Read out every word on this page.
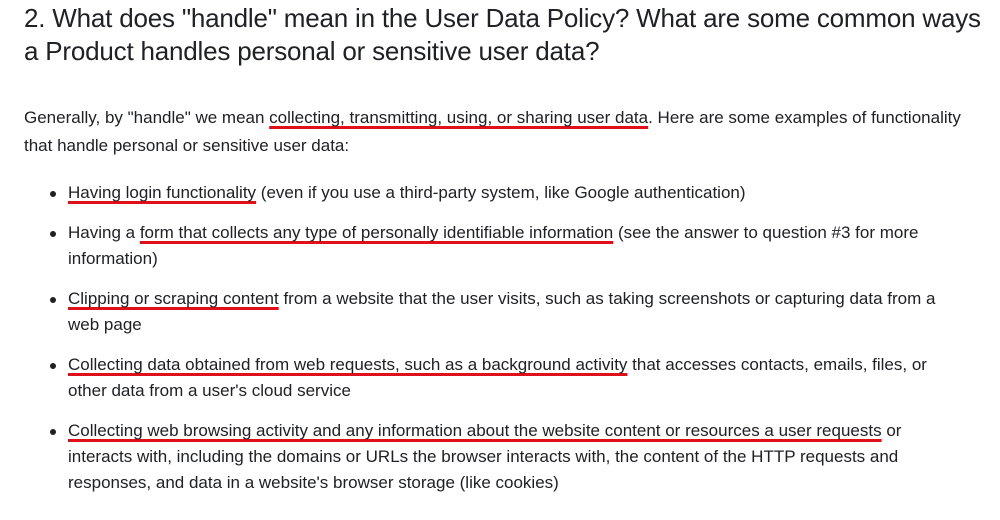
2. What does "handle" mean in the User Data Policy? What are some common ways a Product handles personal or sensitive user data?

Generally, by "handle" we mean collecting, transmitting, using, or sharing user data. Here are some examples of functionality that handle personal or sensitive user data:

Having login functionality (even if you use a third-party system, like Google authentication)
Having a form that collects any type of personally identifiable information (see the answer to question #3 for more information)
Clipping or scraping content from a website that the user visits, such as taking screenshots or capturing data from a web page
Collecting data obtained from web requests, such as a background activity that accesses contacts, emails, files, or other data from a user's cloud service
Collecting web browsing activity and any information about the website content or resources a user requests or interacts with, including the domains or URLs the browser interacts with, the content of the HTTP requests and responses, and data in a website's browser storage (like cookies)
